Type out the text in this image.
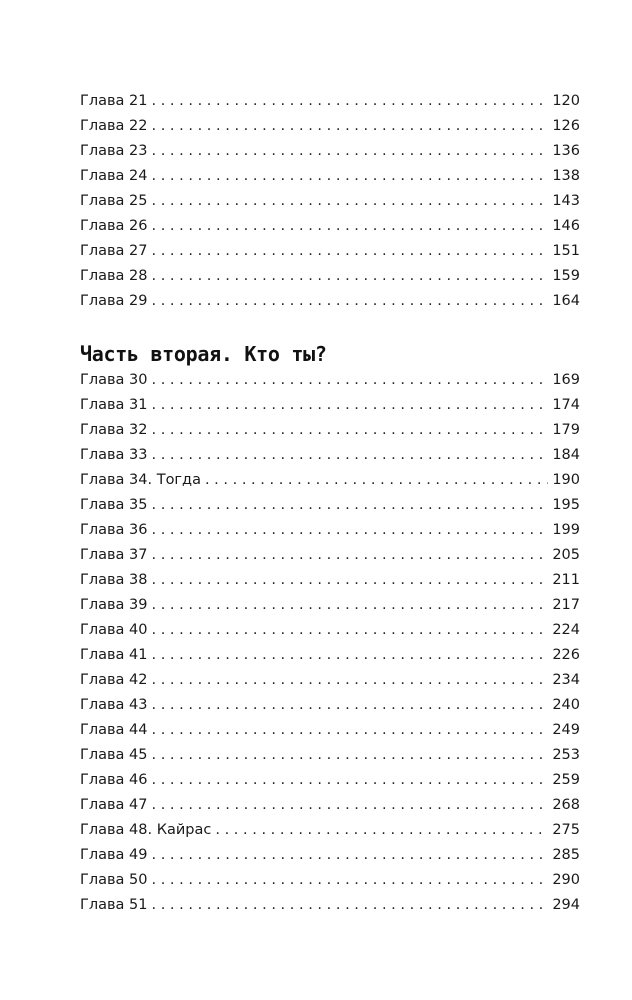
Глава 21 . . .	120
Глава 22 . . .	126
Глава 23 . . .	136
Глава 24 . . .	138
Глава 25 . . .	143
Глава 26 . . .	146
Глава 27 . . .	151
Глава 28 . . .	159
Глава 29 . . .	164
Часть вторая. Кто ты?
Глава 30 . . .	169
Глава 31 . . .	174
Глава 32 . . .	179
Глава 33 . . .	184
Глава 34. Тогда . . .	190
Глава 35 . . .	195
Глава 36 . . .	199
Глава 37 . . .	205
Глава 38 . . .	211
Глава 39 . . .	217
Глава 40 . . .	224
Глава 41 . . .	226
Глава 42 . . .	234
Глава 43 . . .	240
Глава 44 . . .	249
Глава 45 . . .	253
Глава 46 . . .	259
Глава 47 . . .	268
Глава 48. Кайрас . . .	275
Глава 49 . . .	285
Глава 50 . . .	290
Глава 51 . . .	294
